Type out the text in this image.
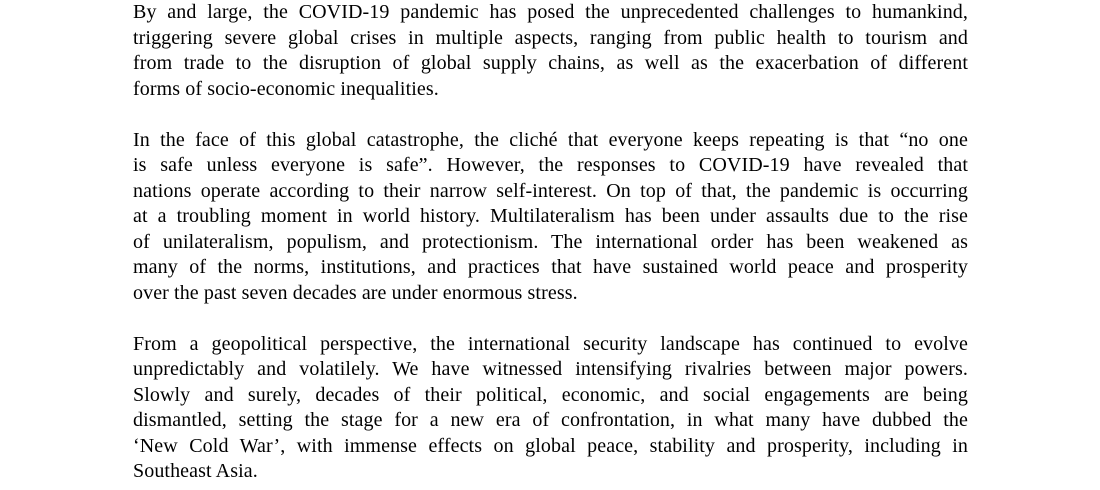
By and large, the COVID-19 pandemic has posed the unprecedented challenges to humankind,
triggering severe global crises in multiple aspects, ranging from public health to tourism and
from trade to the disruption of global supply chains, as well as the exacerbation of different
forms of socio-economic inequalities.
In the face of this global catastrophe, the cliché that everyone keeps repeating is that “no one
is safe unless everyone is safe”. However, the responses to COVID-19 have revealed that
nations operate according to their narrow self-interest. On top of that, the pandemic is occurring
at a troubling moment in world history. Multilateralism has been under assaults due to the rise
of unilateralism, populism, and protectionism. The international order has been weakened as
many of the norms, institutions, and practices that have sustained world peace and prosperity
over the past seven decades are under enormous stress.
From a geopolitical perspective, the international security landscape has continued to evolve
unpredictably and volatilely. We have witnessed intensifying rivalries between major powers.
Slowly and surely, decades of their political, economic, and social engagements are being
dismantled, setting the stage for a new era of confrontation, in what many have dubbed the
‘New Cold War’, with immense effects on global peace, stability and prosperity, including in
Southeast Asia.
